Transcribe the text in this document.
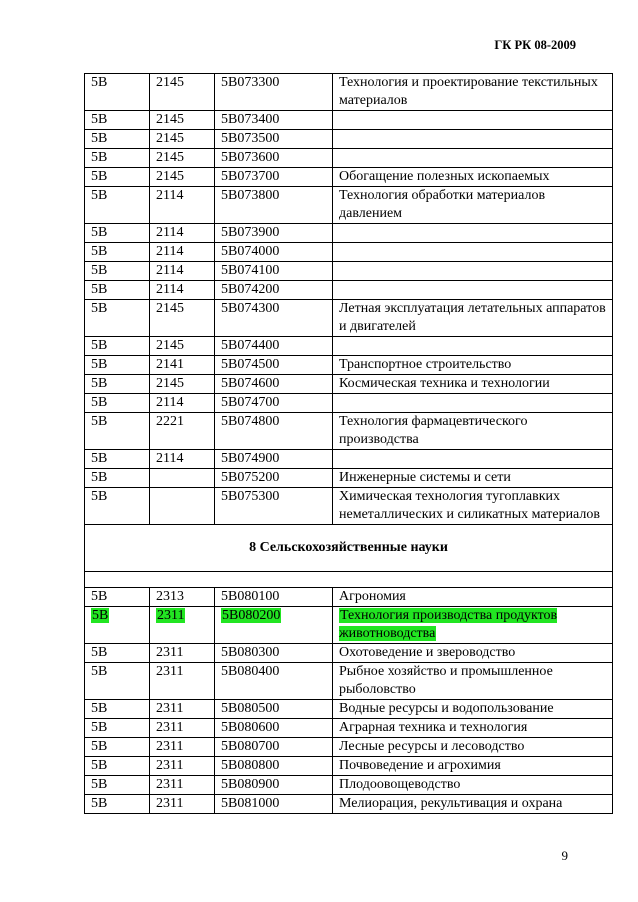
ГК РК 08-2009
5B	2145	5B073300	Технология и проектирование текстильных материалов
5B	2145	5B073400	
5B	2145	5B073500	
5B	2145	5B073600	
5B	2145	5B073700	Обогащение полезных ископаемых
5B	2114	5B073800	Технология обработки материалов давлением
5B	2114	5B073900	
5B	2114	5B074000	
5B	2114	5B074100	
5B	2114	5B074200	
5B	2145	5B074300	Летная эксплуатация летательных аппаратов и двигателей
5B	2145	5B074400	
5B	2141	5B074500	Транспортное строительство
5B	2145	5B074600	Космическая техника и технологии
5B	2114	5B074700	
5B	2221	5B074800	Технология фармацевтического производства
5B	2114	5B074900	
5B		5B075200	Инженерные системы и сети
5B		5B075300	Химическая технология тугоплавких неметаллических и силикатных материалов
8 Сельскохозяйственные науки			

5B	2313	5B080100	Агрономия
5B	2311	5B080200	Технология производства продуктов животноводства
5B	2311	5B080300	Охотоведение и звероводство
5B	2311	5B080400	Рыбное хозяйство и промышленное рыболовство
5B	2311	5B080500	Водные ресурсы и водопользование
5B	2311	5B080600	Аграрная техника и технология
5B	2311	5B080700	Лесные ресурсы и лесоводство
5B	2311	5B080800	Почвоведение и агрохимия
5B	2311	5B080900	Плодоовощеводство
5B	2311	5B081000	Мелиорация, рекультивация и охрана
9
